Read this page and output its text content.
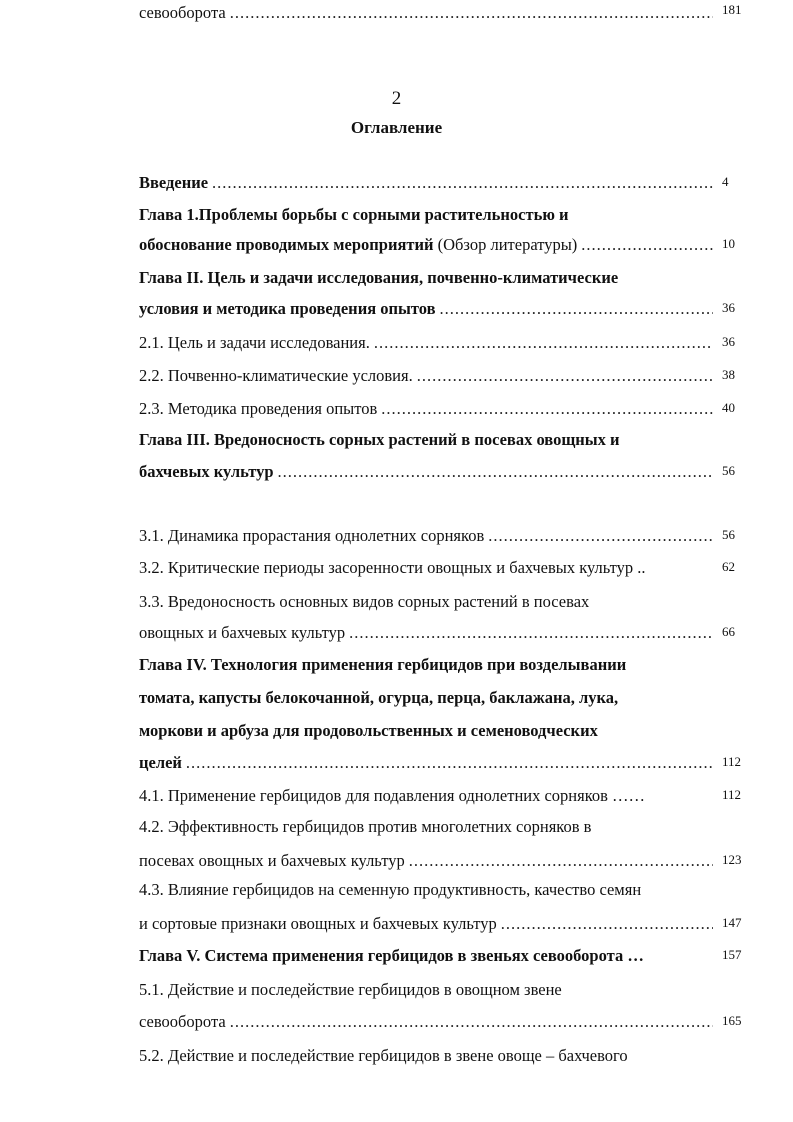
2
Оглавление
Введение .....	4
Глава 1.Проблемы борьбы с сорными растительностью и
обоснование проводимых мероприятий (Обзор литературы) .....	10
Глава II. Цель и задачи исследования, почвенно-климатические
условия и методика проведения опытов .....	36
2.1. Цель и задачи исследования. .....	36
2.2. Почвенно-климатические условия. .....	38
2.3. Методика проведения опытов .....	40
Глава III. Вредоносность сорных растений в посевах овощных и
бахчевых культур .....	56
3.1. Динамика прорастания однолетних сорняков .....	56
3.2. Критические периоды засоренности овощных и бахчевых культур ..	62
3.3. Вредоносность основных видов сорных растений в посевах
овощных и бахчевых культур .....	66
Глава IV. Технология применения гербицидов при возделывании
томата, капусты белокочанной, огурца, перца, баклажана, лука,
моркови и арбуза для продовольственных и семеноводческих
целей .....	112
4.1. Применение гербицидов для подавления однолетних сорняков ……	112
4.2. Эффективность гербицидов против многолетних сорняков в
посевах овощных и бахчевых культур .....	123
4.3. Влияние гербицидов на семенную продуктивность, качество семян
и сортовые признаки овощных и бахчевых культур .....	147
Глава V. Система применения гербицидов в звеньях севооборота …	157
5.1. Действие и последействие гербицидов в овощном звене
севооборота .....	165
5.2. Действие и последействие гербицидов в звене овоще – бахчевого
севооборота .....	181
